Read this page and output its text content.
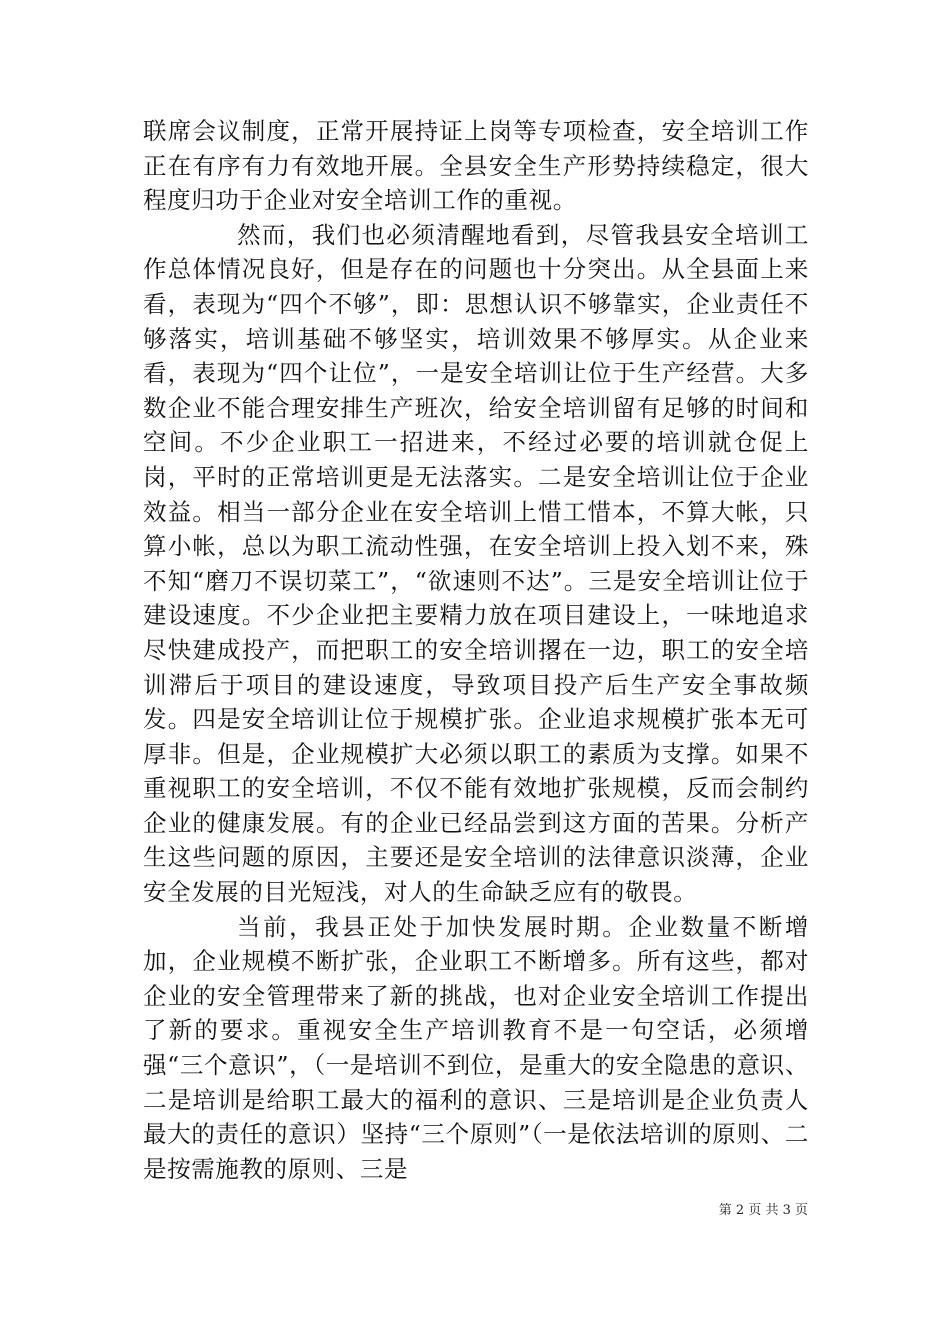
联席会议制度，正常开展持证上岗等专项检查，安全培训工作正在有序有力有效地开展。全县安全生产形势持续稳定，很大程度归功于企业对安全培训工作的重视。

然而，我们也必须清醒地看到，尽管我县安全培训工作总体情况良好，但是存在的问题也十分突出。从全县面上来看，表现为“四个不够”，即：思想认识不够靠实，企业责任不够落实，培训基础不够坚实，培训效果不够厚实。从企业来看，表现为“四个让位”，一是安全培训让位于生产经营。大多数企业不能合理安排生产班次，给安全培训留有足够的时间和空间。不少企业职工一招进来，不经过必要的培训就仓促上岗，平时的正常培训更是无法落实。二是安全培训让位于企业效益。相当一部分企业在安全培训上惜工惜本，不算大帐，只算小帐，总以为职工流动性强，在安全培训上投入划不来，殊不知“磨刀不误切菜工”，“欲速则不达”。三是安全培训让位于建设速度。不少企业把主要精力放在项目建设上，一味地追求尽快建成投产，而把职工的安全培训撂在一边，职工的安全培训滞后于项目的建设速度，导致项目投产后生产安全事故频发。四是安全培训让位于规模扩张。企业追求规模扩张本无可厚非。但是，企业规模扩大必须以职工的素质为支撑。如果不重视职工的安全培训，不仅不能有效地扩张规模，反而会制约企业的健康发展。有的企业已经品尝到这方面的苦果。分析产生这些问题的原因，主要还是安全培训的法律意识淡薄，企业安全发展的目光短浅，对人的生命缺乏应有的敬畏。

当前，我县正处于加快发展时期。企业数量不断增加，企业规模不断扩张，企业职工不断增多。所有这些，都对企业的安全管理带来了新的挑战，也对企业安全培训工作提出了新的要求。重视安全生产培训教育不是一句空话，必须增强“三个意识”，（一是培训不到位，是重大的安全隐患的意识、二是培训是给职工最大的福利的意识、三是培训是企业负责人最大的责任的意识）坚持“三个原则”（一是依法培训的原则、二是按需施教的原则、三是

第 2 页 共 3 页
